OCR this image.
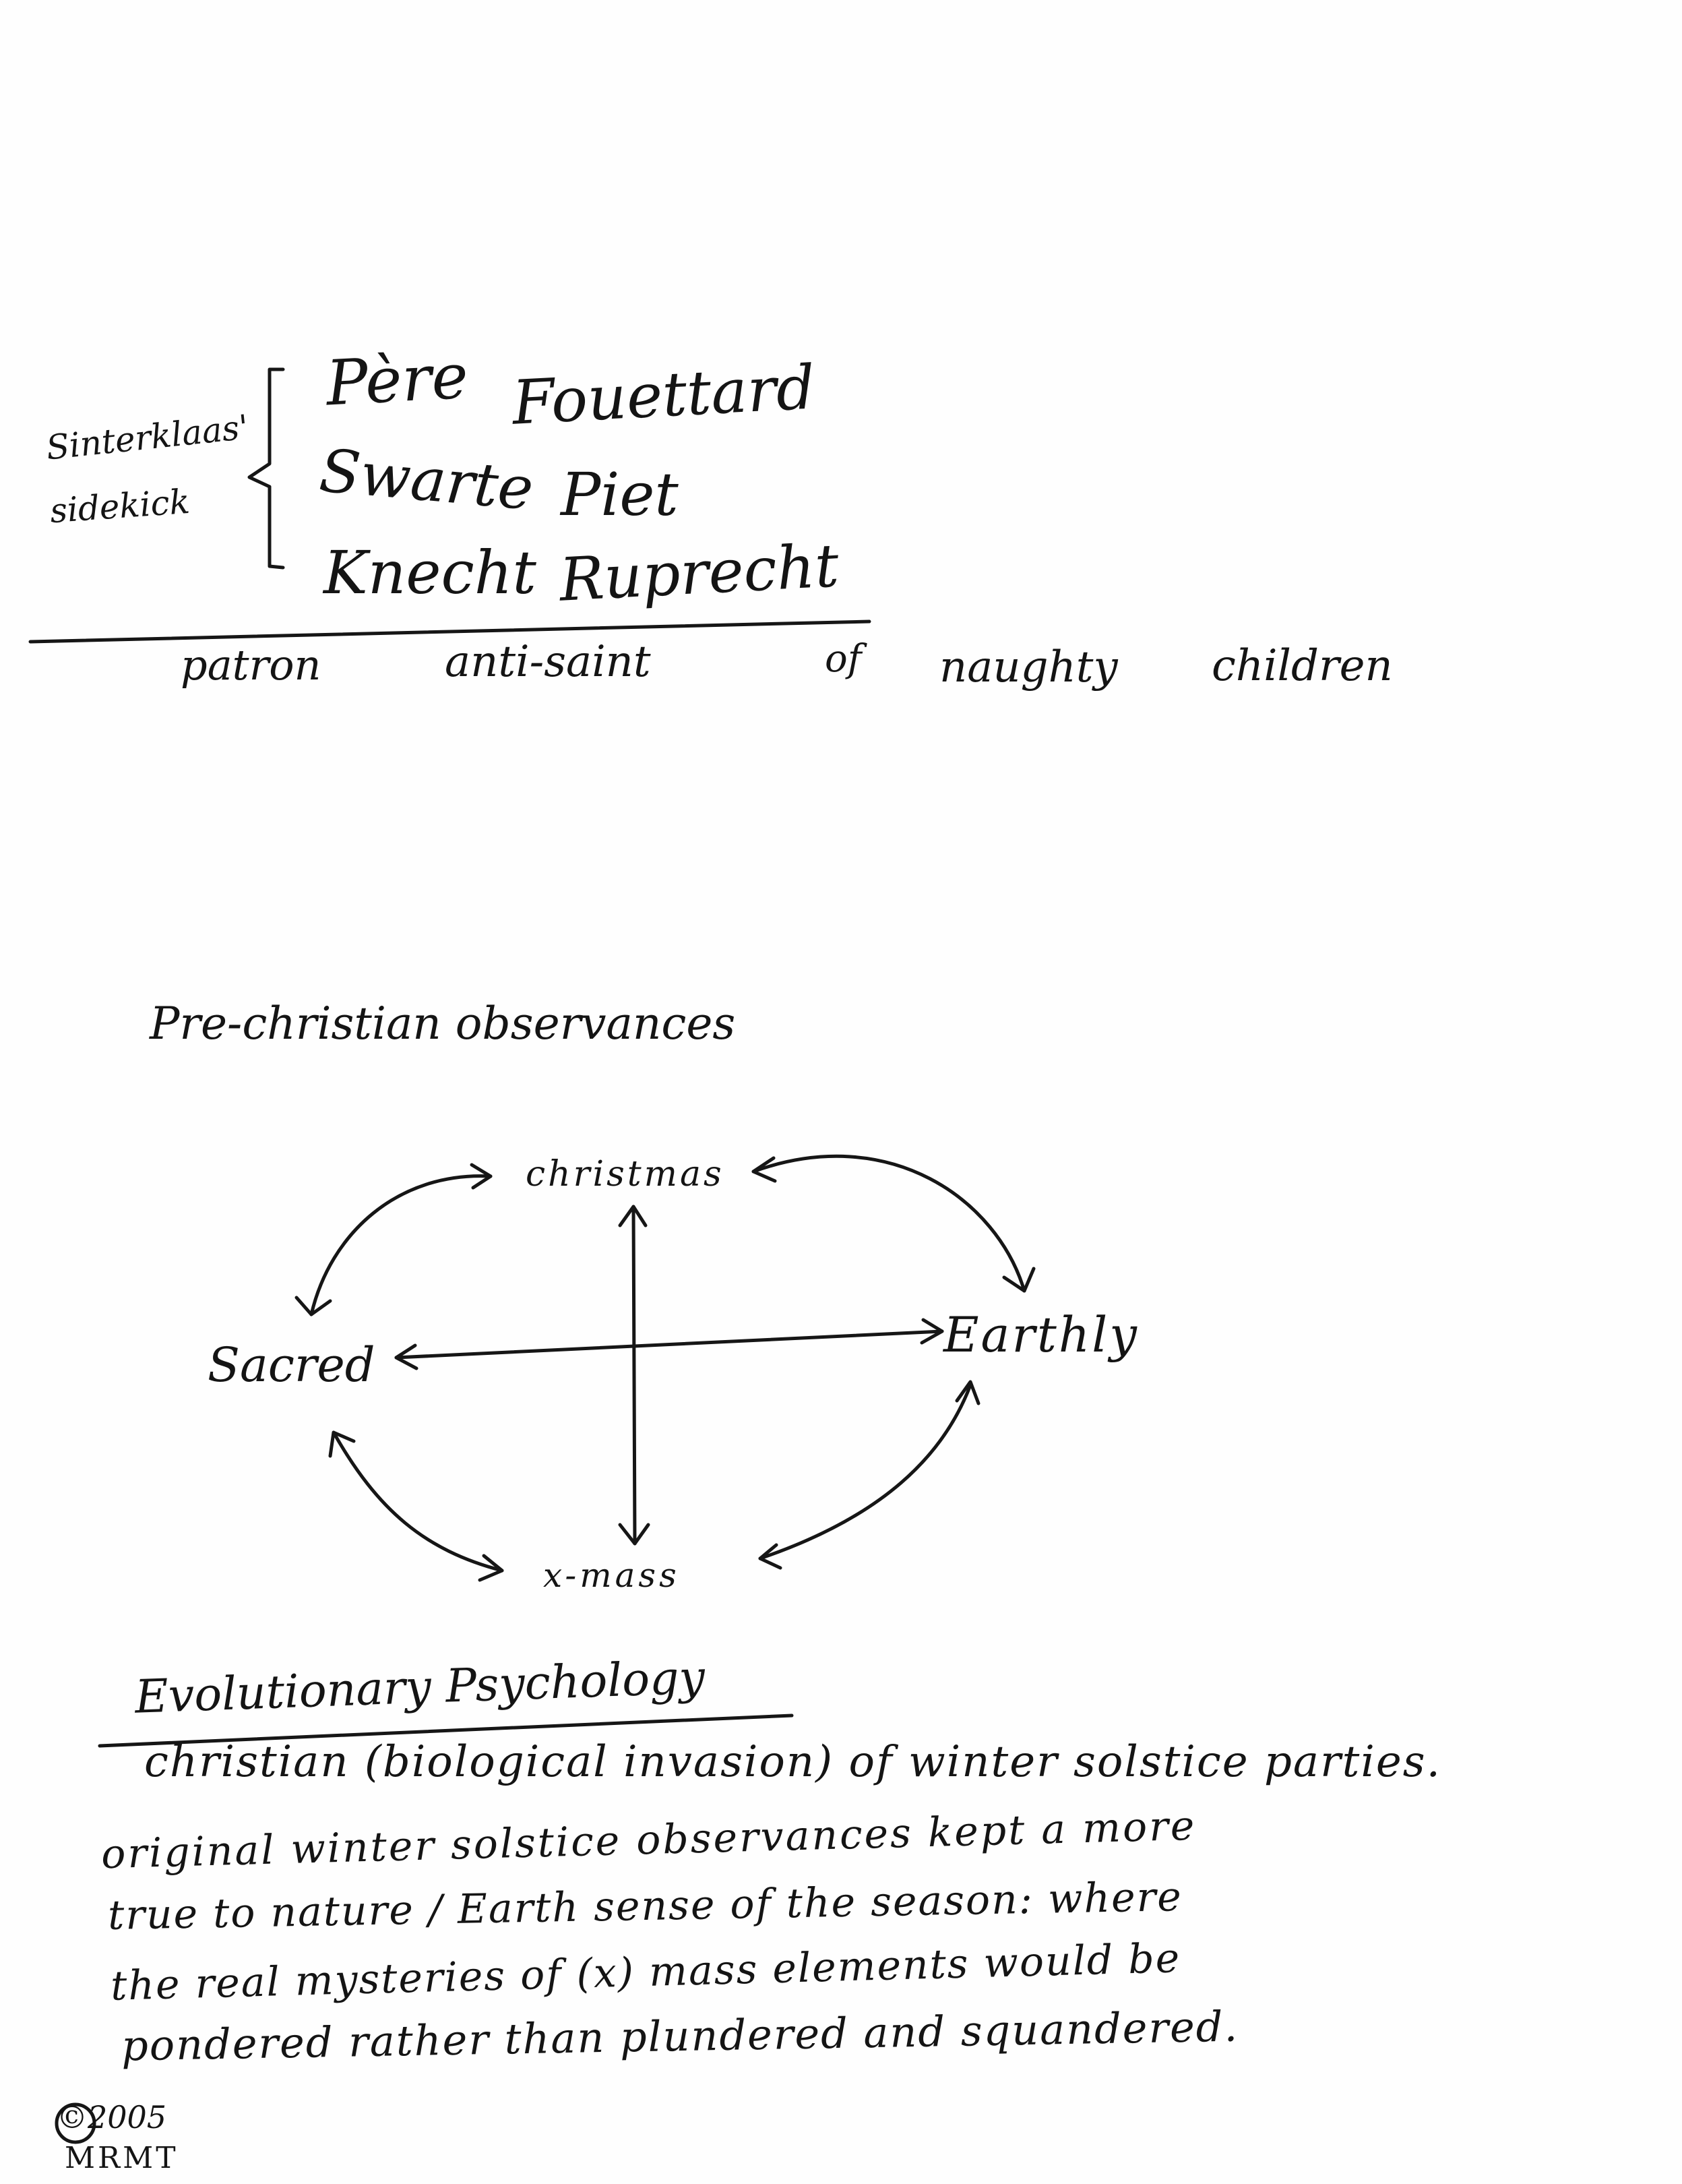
Sinterklaas'
sidekick
Père Fouettard
Swarte Piet
Knecht Ruprecht
patron	anti-saint	of naughty children
Pre-christian observances
christmas
Sacred
Earthly
x-mass
Evolutionary Psychology
christian (biological invasion) of winter solstice parties.
original winter solstice observances kept a more
true to nature / Earth sense of the season: where
the real mysteries of (x) mass elements would be
pondered rather than plundered and squandered.
©2005
MRMT
